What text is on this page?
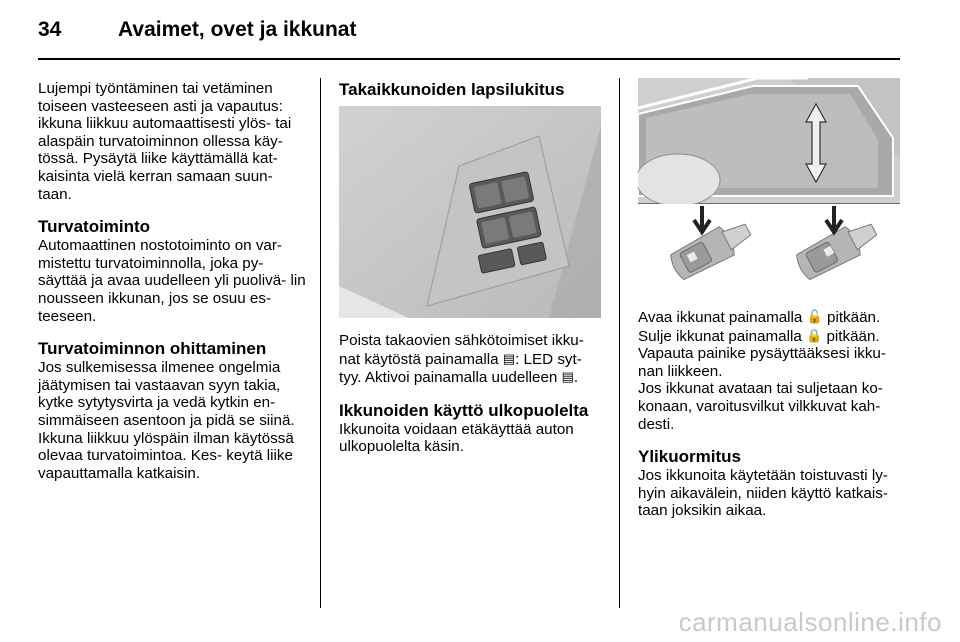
34	Avaimet, ovet ja ikkunat

Lujempi työntäminen tai vetäminen toiseen vasteeseen asti ja vapautus: ikkuna liikkuu automaattisesti ylös- tai alaspäin turvatoiminnon ollessa käy- tössä. Pysäytä liike käyttämällä kat- kaisinta vielä kerran samaan suun- taan.

Turvatoiminto

Automaattinen nostotoiminto on var- mistettu turvatoiminnolla, joka py- säyttää ja avaa uudelleen yli puolivä- lin nousseen ikkunan, jos se osuu es- teeseen.

Turvatoiminnon ohittaminen

Jos sulkemisessa ilmenee ongelmia jäätymisen tai vastaavan syyn takia, kytke sytytysvirta ja vedä kytkin en- simmäiseen asentoon ja pidä se siinä. Ikkuna liikkuu ylöspäin ilman käytössä olevaa turvatoimintoa. Kes- keytä liike vapauttamalla katkaisin.

Takaikkunoiden lapsilukitus

Poista takaovien sähkötoimiset ikku- nat käytöstä painamalla ▤: LED syt- tyy. Aktivoi painamalla uudelleen ▤.

Ikkunoiden käyttö ulkopuolelta

Ikkunoita voidaan etäkäyttää auton ulkopuolelta käsin.

Avaa ikkunat painamalla 🔓 pitkään.

Sulje ikkunat painamalla 🔒 pitkään.

Vapauta painike pysäyttääksesi ikku- nan liikkeen.

Jos ikkunat avataan tai suljetaan ko- konaan, varoitusvilkut vilkkuvat kah- desti.

Ylikuormitus

Jos ikkunoita käytetään toistuvasti ly- hyin aikavälein, niiden käyttö katkais- taan joksikin aikaa.

carmanualsonline.info
